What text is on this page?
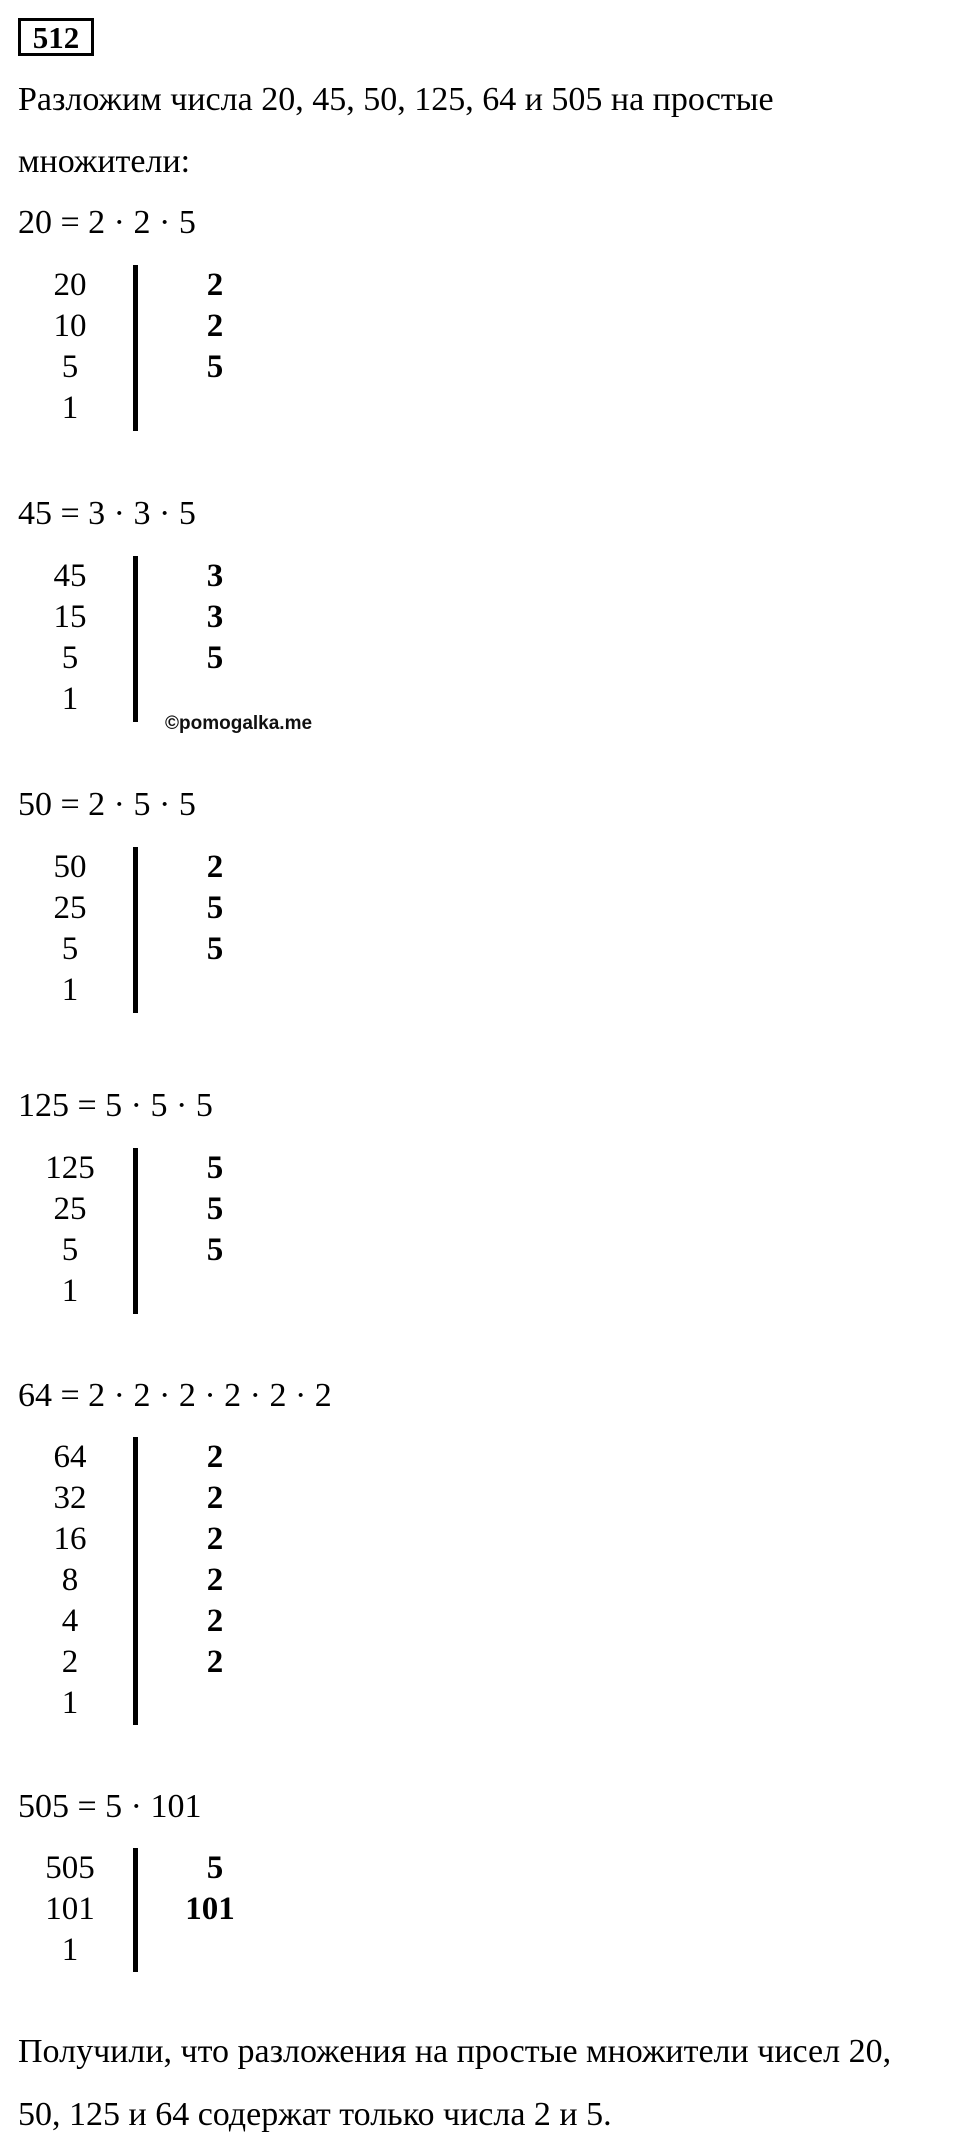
512
Разложим числа 20, 45, 50, 125, 64 и 505 на простые
множители:
20 = 2 · 2 · 5
20
10
5
1
2
2
5
45 = 3 · 3 · 5
45
15
5
1
3
3
5
©pomogalka.me
50 = 2 · 5 · 5
50
25
5
1
2
5
5
125 = 5 · 5 · 5
125
25
5
1
5
5
5
64 = 2 · 2 · 2 · 2 · 2 · 2
64
32
16
8
4
2
1
2
2
2
2
2
2
505 = 5 · 101
505
101
1
5
101
Получили, что разложения на простые множители чисел 20,
50, 125 и 64 содержат только числа 2 и 5.
